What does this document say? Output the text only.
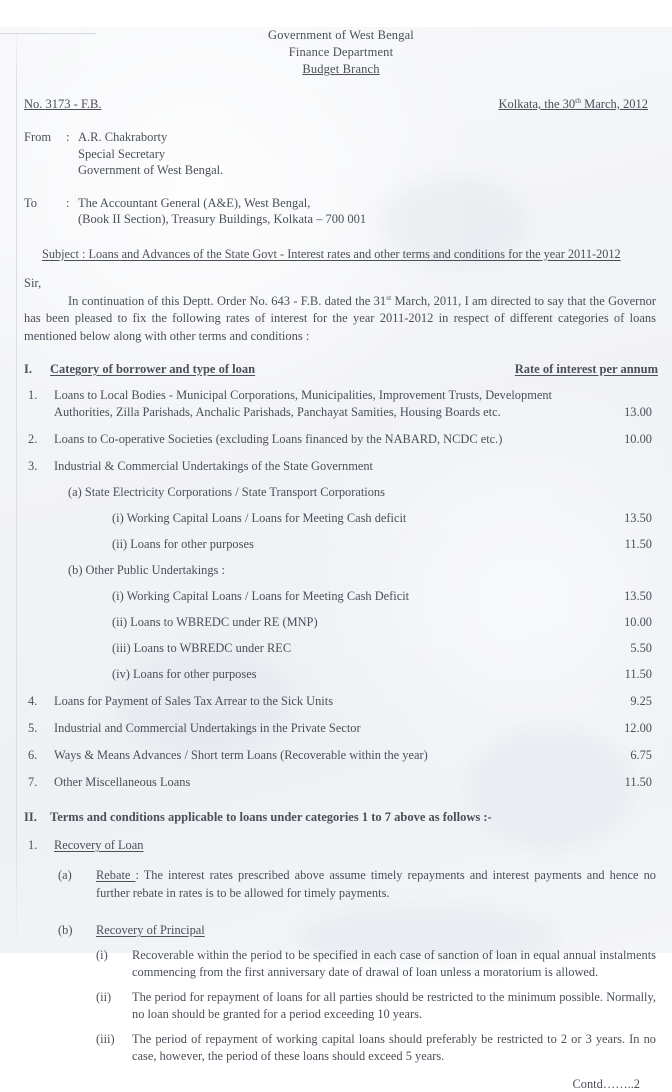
Government of West Bengal
Finance Department
Budget Branch
No. 3173 - F.B.	Kolkata, the 30th March, 2012
From	: A.R. Chakraborty
Special Secretary
Government of West Bengal.
To	: The Accountant General (A&E), West Bengal,
(Book II Section), Treasury Buildings, Kolkata – 700 001
Subject : Loans and Advances of the State Govt - Interest rates and other terms and conditions for the year 2011-2012
Sir,
In continuation of this Deptt. Order No. 643 - F.B. dated the 31st March, 2011, I am directed to say that the Governor has been pleased to fix the following rates of interest for the year 2011-2012 in respect of different categories of loans mentioned below along with other terms and conditions :
I.	Category of borrower and type of loan	Rate of interest per annum
1.	Loans to Local Bodies - Municipal Corporations, Municipalities, Improvement Trusts, Development Authorities, Zilla Parishads, Anchalic Parishads, Panchayat Samities, Housing Boards etc.	13.00
2.	Loans to Co-operative Societies (excluding Loans financed by the NABARD, NCDC etc.)	10.00
3.	Industrial & Commercial Undertakings of the State Government
(a) State Electricity Corporations / State Transport Corporations
(i) Working Capital Loans / Loans for Meeting Cash deficit	13.50
(ii) Loans for other purposes	11.50
(b) Other Public Undertakings :
(i) Working Capital Loans / Loans for Meeting Cash Deficit	13.50
(ii) Loans to WBREDC under RE (MNP)	10.00
(iii) Loans to WBREDC under REC	5.50
(iv) Loans for other purposes	11.50
4.	Loans for Payment of Sales Tax Arrear to the Sick Units	9.25
5.	Industrial and Commercial Undertakings in the Private Sector	12.00
6.	Ways & Means Advances / Short term Loans (Recoverable within the year)	6.75
7.	Other Miscellaneous Loans	11.50
II.	Terms and conditions applicable to loans under categories 1 to 7 above as follows :-
1.	Recovery of Loan
(a)	Rebate : The interest rates prescribed above assume timely repayments and interest payments and hence no further rebate in rates is to be allowed for timely payments.
(b)	Recovery of Principal
(i)	Recoverable within the period to be specified in each case of sanction of loan in equal annual instalments commencing from the first anniversary date of drawal of loan unless a moratorium is allowed.
(ii)	The period for repayment of loans for all parties should be restricted to the minimum possible. Normally, no loan should be granted for a period exceeding 10 years.
(iii)	The period of repayment of working capital loans should preferably be restricted to 2 or 3 years. In no case, however, the period of these loans should exceed 5 years.
Contd……..2
